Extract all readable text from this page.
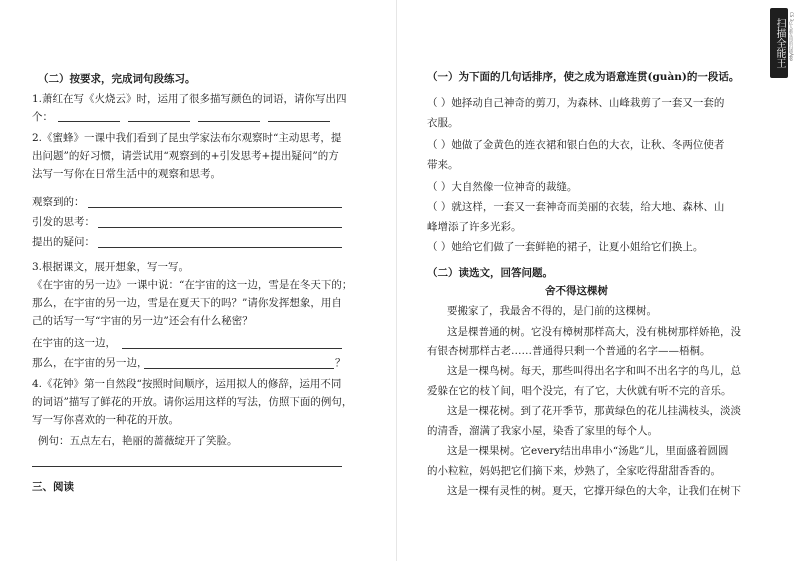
（二）按要求，完成词句段练习。
1.萧红在写《火烧云》时，运用了很多描写颜色的词语，请你写出四
个：
2.《蜜蜂》一课中我们看到了昆虫学家法布尔观察时“主动思考，提
出问题”的好习惯，请尝试用“观察到的+引发思考+提出疑问”的方
法写一写你在日常生活中的观察和思考。
观察到的：
引发的思考：
提出的疑问：
3.根据课文，展开想象，写一写。
《在宇宙的另一边》一课中说：“在宇宙的这一边，雪是在冬天下的；
那么，在宇宙的另一边，雪是在夏天下的吗？”请你发挥想象，用自
己的话写一写“宇宙的另一边”还会有什么秘密？
在宇宙的这一边，
那么，在宇宙的另一边，	？
4.《花钟》第一自然段“按照时间顺序，运用拟人的修辞，运用不同
的词语”描写了鲜花的开放。请你运用这样的写法，仿照下面的例句，
写一写你喜欢的一种花的开放。
例句：五点左右，艳丽的蔷薇绽开了笑脸。
三、阅读
（一）为下面的几句话排序，使之成为语意连贯(guàn)的一段话。
（ ）她择动自己神奇的剪刀，为森林、山峰栽剪了一套又一套的
衣服。
（ ）她做了金黄色的连衣裙和银白色的大衣，让秋、冬两位使者
带来。
（ ）大自然像一位神奇的裁缝。
（ ）就这样，一套又一套神奇而美丽的衣装，给大地、森林、山
峰增添了许多光彩。
（ ）她给它们做了一套鲜艳的裙子，让夏小姐给它们换上。
（二）读选文，回答问题。
舍不得这棵树
要搬家了，我最舍不得的，是门前的这棵树。
这是棵普通的树。它没有樟树那样高大，没有桃树那样娇艳，没
有银杏树那样古老……普通得只剩一个普通的名字——梧桐。
这是一棵鸟树。每天，那些叫得出名字和叫不出名字的鸟儿，总
爱躲在它的枝丫间，唱个没完，有了它，大伙就有听不完的音乐。
这是一棵花树。到了花开季节，那黄绿色的花儿挂满枝头，淡淡
的清香，溜满了我家小屋，染香了家里的每个人。
这是一棵果树。它every结出串串小“汤匙”儿，里面盛着圆圆
的小粒粒，妈妈把它们摘下来，炒熟了，全家吃得甜甜香香的。
这是一棵有灵性的树。夏天，它撑开绿色的大伞，让我们在树下
扫描全能王	CS 3亿人都在用的扫描App
